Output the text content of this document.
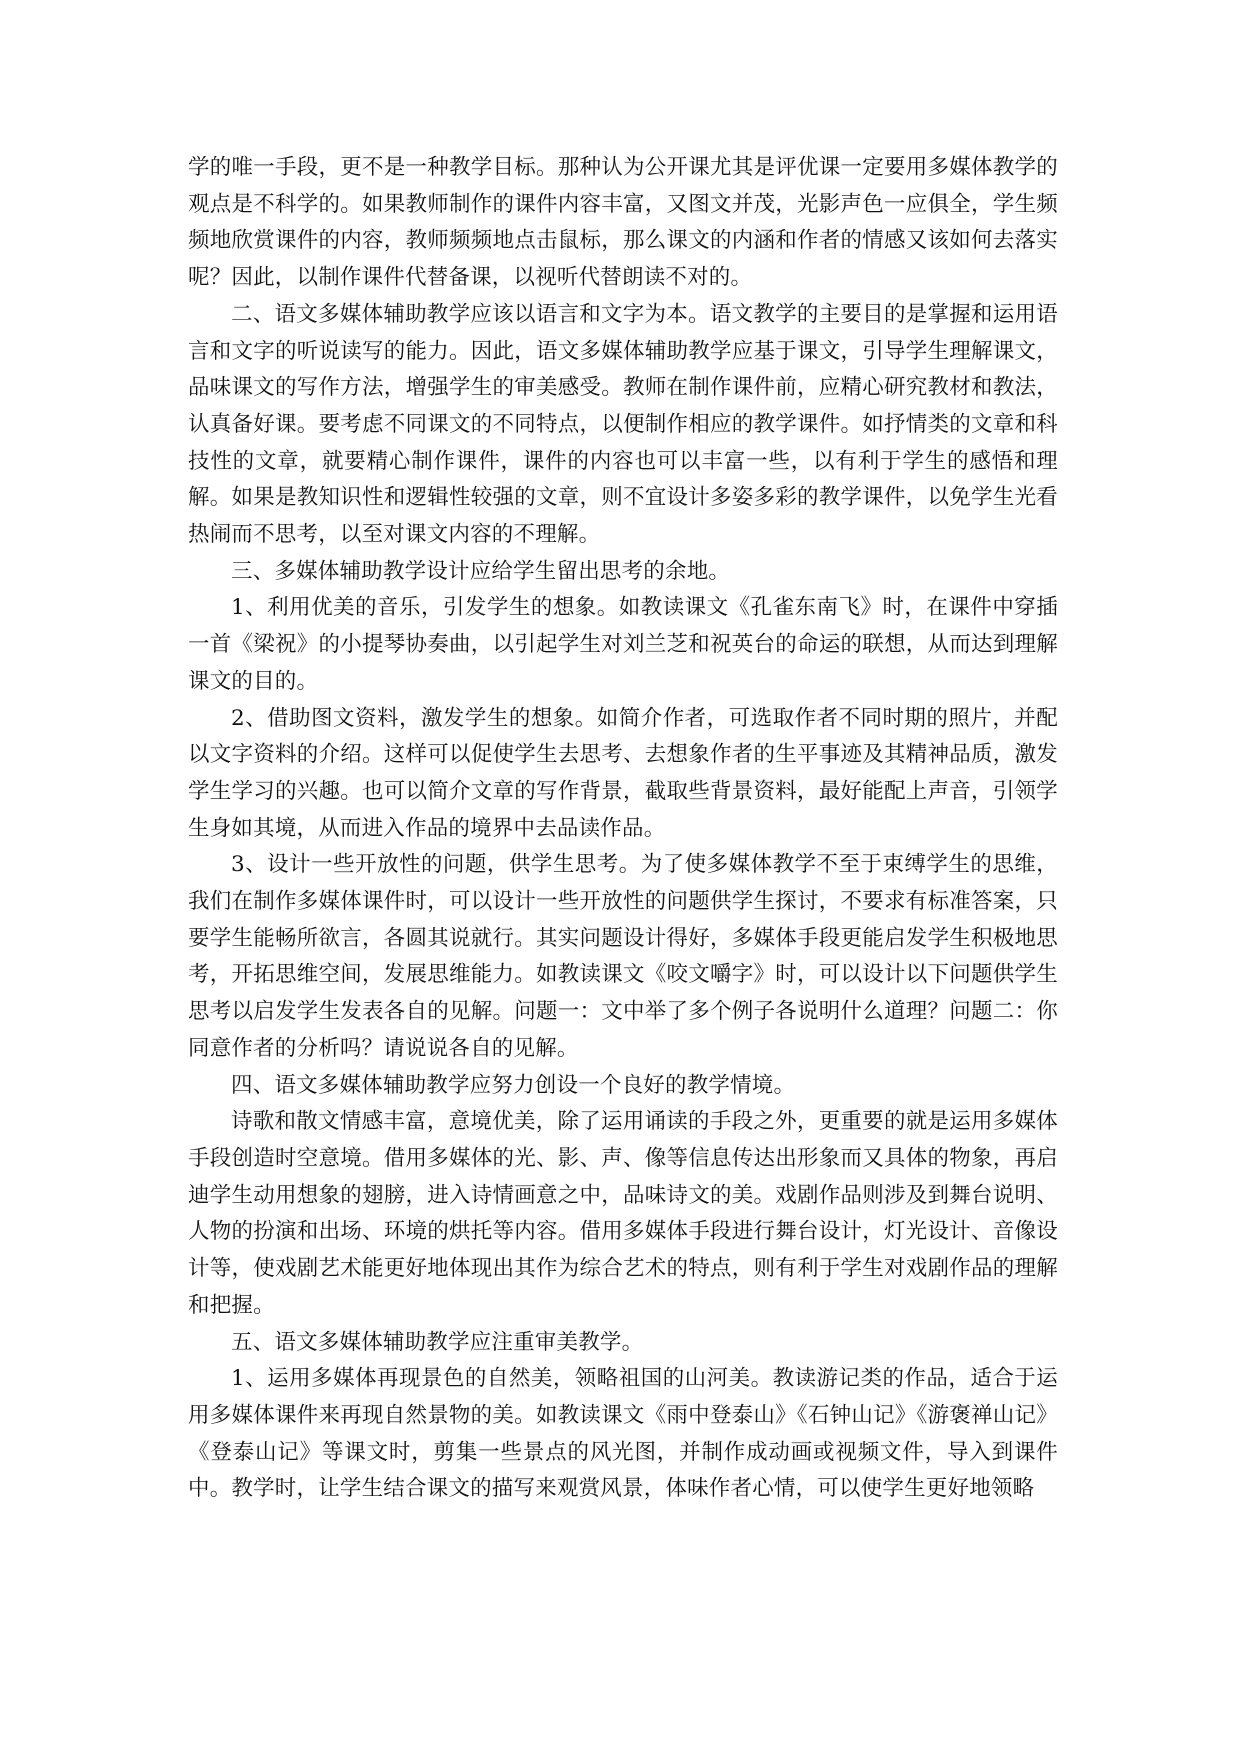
学的唯一手段，更不是一种教学目标。那种认为公开课尤其是评优课一定要用多媒体教学的观点是不科学的。如果教师制作的课件内容丰富，又图文并茂，光影声色一应俱全，学生频频地欣赏课件的内容，教师频频地点击鼠标，那么课文的内涵和作者的情感又该如何去落实呢？因此，以制作课件代替备课，以视听代替朗读不对的。

二、语文多媒体辅助教学应该以语言和文字为本。语文教学的主要目的是掌握和运用语言和文字的听说读写的能力。因此，语文多媒体辅助教学应基于课文，引导学生理解课文，品味课文的写作方法，增强学生的审美感受。教师在制作课件前，应精心研究教材和教法，认真备好课。要考虑不同课文的不同特点，以便制作相应的教学课件。如抒情类的文章和科技性的文章，就要精心制作课件，课件的内容也可以丰富一些，以有利于学生的感悟和理解。如果是教知识性和逻辑性较强的文章，则不宜设计多姿多彩的教学课件，以免学生光看热闹而不思考，以至对课文内容的不理解。

三、多媒体辅助教学设计应给学生留出思考的余地。

1、利用优美的音乐，引发学生的想象。如教读课文《孔雀东南飞》时，在课件中穿插一首《梁祝》的小提琴协奏曲，以引起学生对刘兰芝和祝英台的命运的联想，从而达到理解课文的目的。

2、借助图文资料，激发学生的想象。如简介作者，可选取作者不同时期的照片，并配以文字资料的介绍。这样可以促使学生去思考、去想象作者的生平事迹及其精神品质，激发学生学习的兴趣。也可以简介文章的写作背景，截取些背景资料，最好能配上声音，引领学生身如其境，从而进入作品的境界中去品读作品。

3、设计一些开放性的问题，供学生思考。为了使多媒体教学不至于束缚学生的思维，我们在制作多媒体课件时，可以设计一些开放性的问题供学生探讨，不要求有标准答案，只要学生能畅所欲言，各圆其说就行。其实问题设计得好，多媒体手段更能启发学生积极地思考，开拓思维空间，发展思维能力。如教读课文《咬文嚼字》时，可以设计以下问题供学生思考以启发学生发表各自的见解。问题一：文中举了多个例子各说明什么道理？问题二：你同意作者的分析吗？请说说各自的见解。

四、语文多媒体辅助教学应努力创设一个良好的教学情境。

诗歌和散文情感丰富，意境优美，除了运用诵读的手段之外，更重要的就是运用多媒体手段创造时空意境。借用多媒体的光、影、声、像等信息传达出形象而又具体的物象，再启迪学生动用想象的翅膀，进入诗情画意之中，品味诗文的美。戏剧作品则涉及到舞台说明、人物的扮演和出场、环境的烘托等内容。借用多媒体手段进行舞台设计，灯光设计、音像设计等，使戏剧艺术能更好地体现出其作为综合艺术的特点，则有利于学生对戏剧作品的理解和把握。

五、语文多媒体辅助教学应注重审美教学。

1、运用多媒体再现景色的自然美，领略祖国的山河美。教读游记类的作品，适合于运用多媒体课件来再现自然景物的美。如教读课文《雨中登泰山》《石钟山记》《游褒禅山记》《登泰山记》等课文时，剪集一些景点的风光图，并制作成动画或视频文件，导入到课件中。教学时，让学生结合课文的描写来观赏风景，体味作者心情，可以使学生更好地领略
